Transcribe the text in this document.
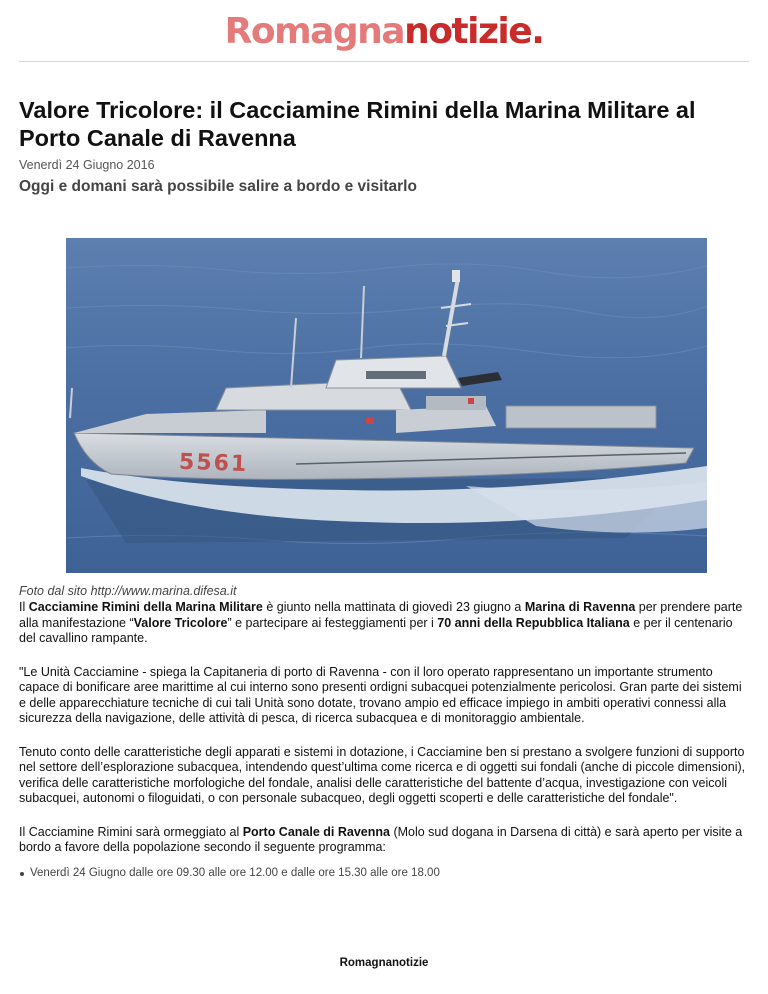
Romagnanotizie.
Valore Tricolore: il Cacciamine Rimini della Marina Militare al Porto Canale di Ravenna
Venerdì 24 Giugno 2016
Oggi e domani sarà possibile salire a bordo e visitarlo
5561
Foto dal sito http://www.marina.difesa.it

Il Cacciamine Rimini della Marina Militare è giunto nella mattinata di giovedì 23 giugno a Marina di Ravenna per prendere parte alla manifestazione “Valore Tricolore” e partecipare ai festeggiamenti per i 70 anni della Repubblica Italiana e per il centenario del cavallino rampante.

"Le Unità Cacciamine - spiega la Capitaneria di porto di Ravenna - con il loro operato rappresentano un importante strumento capace di bonificare aree marittime al cui interno sono presenti ordigni subacquei potenzialmente pericolosi. Gran parte dei sistemi e delle apparecchiature tecniche di cui tali Unità sono dotate, trovano ampio ed efficace impiego in ambiti operativi connessi alla sicurezza della navigazione, delle attività di pesca, di ricerca subacquea e di monitoraggio ambientale.

Tenuto conto delle caratteristiche degli apparati e sistemi in dotazione, i Cacciamine ben si prestano a svolgere funzioni di supporto nel settore dell’esplorazione subacquea, intendendo quest’ultima come ricerca e di oggetti sui fondali (anche di piccole dimensioni), verifica delle caratteristiche morfologiche del fondale, analisi delle caratteristiche del battente d’acqua, investigazione con veicoli subacquei, autonomi o filoguidati, o con personale subacqueo, degli oggetti scoperti e delle caratteristiche del fondale".

Il Cacciamine Rimini sarà ormeggiato al Porto Canale di Ravenna (Molo sud dogana in Darsena di città) e sarà aperto per visite a bordo a favore della popolazione secondo il seguente programma:

Venerdì 24 Giugno dalle ore 09.30 alle ore 12.00 e dalle ore 15.30 alle ore 18.00
Romagnanotizie
